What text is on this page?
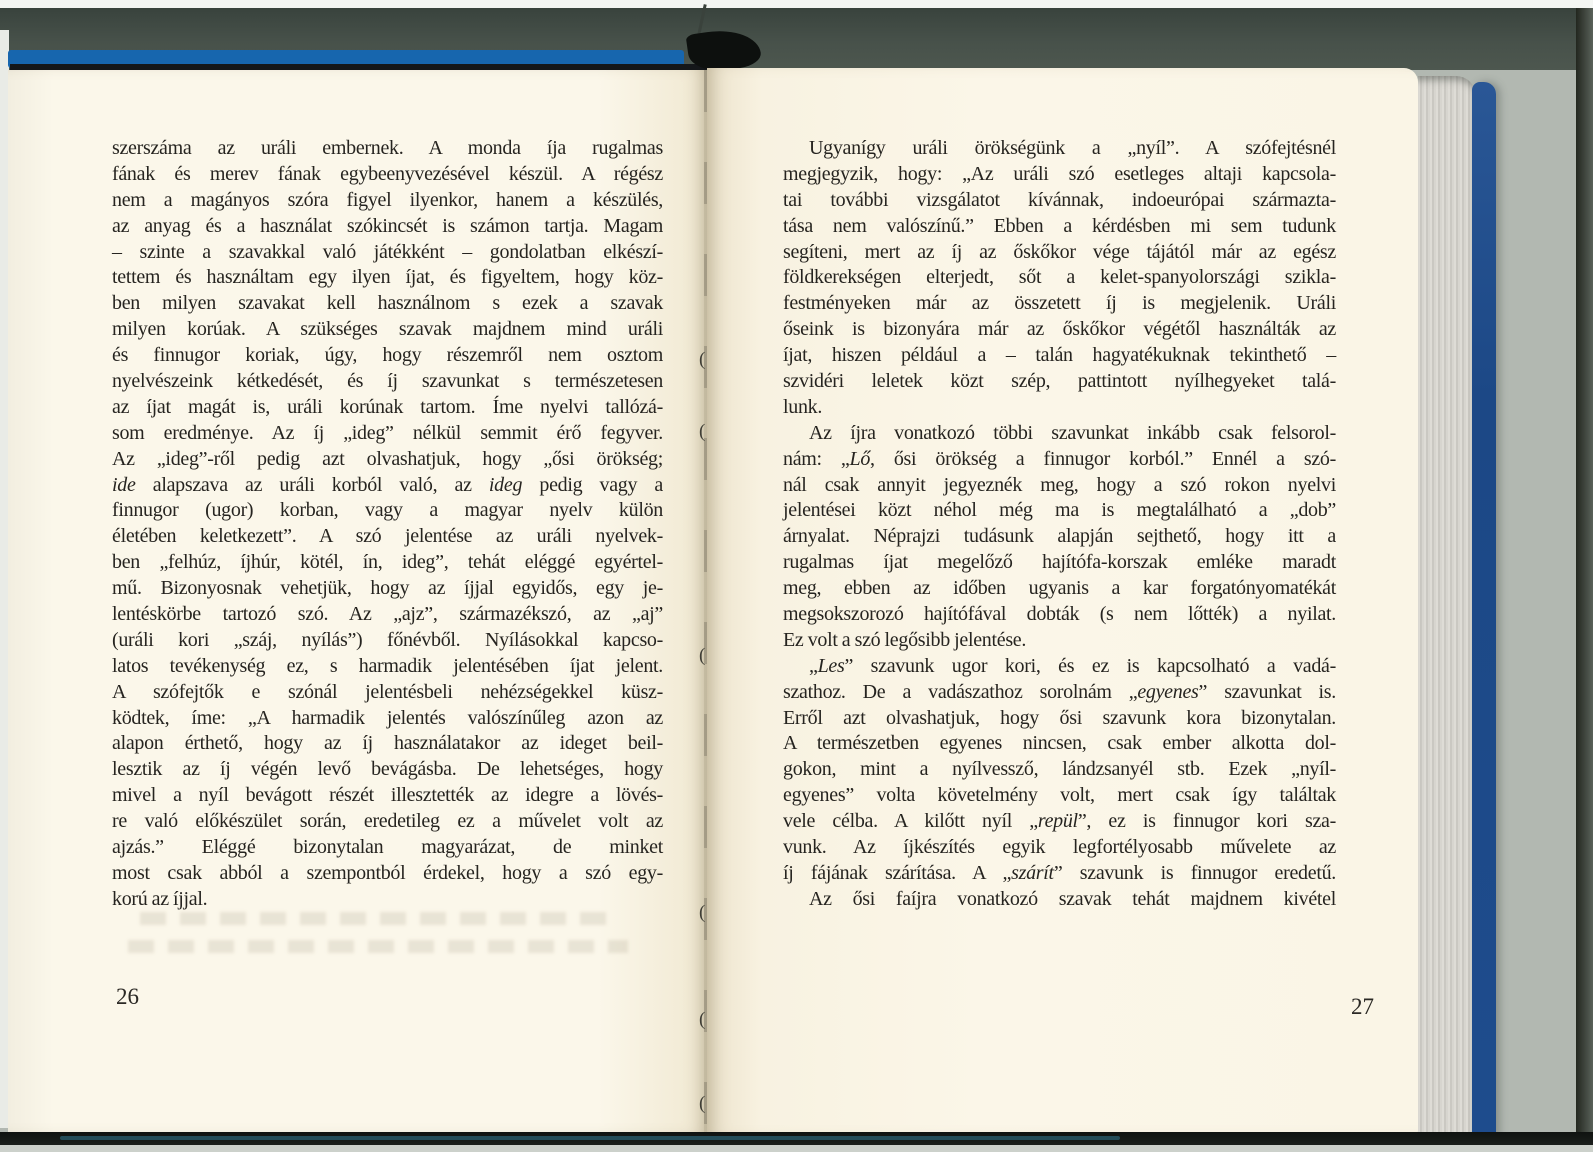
(
(
(
(
(
(
szerszáma az uráli embernek. A monda íja rugalmas
fának és merev fának egybeenyvezésével készül. A régész
nem a magányos szóra figyel ilyenkor, hanem a készülés,
az anyag és a használat szókincsét is számon tartja. Magam
– szinte a szavakkal való játékként – gondolatban elkészí-
tettem és használtam egy ilyen íjat, és figyeltem, hogy köz-
ben milyen szavakat kell használnom s ezek a szavak
milyen korúak. A szükséges szavak majdnem mind uráli
és finnugor koriak, úgy, hogy részemről nem osztom
nyelvészeink kétkedését, és íj szavunkat s természetesen
az íjat magát is, uráli korúnak tartom. Íme nyelvi tallózá-
som eredménye. Az íj „ideg” nélkül semmit érő fegyver.
Az „ideg”-ről pedig azt olvashatjuk, hogy „ősi örökség;
ide alapszava az uráli korból való, az ideg pedig vagy a
finnugor (ugor) korban, vagy a magyar nyelv külön
életében keletkezett”. A szó jelentése az uráli nyelvek-
ben „felhúz, íjhúr, kötél, ín, ideg”, tehát eléggé egyértel-
mű. Bizonyosnak vehetjük, hogy az íjjal egyidős, egy je-
lentéskörbe tartozó szó. Az „ajz”, származékszó, az „aj”
(uráli kori „száj, nyílás”) főnévből. Nyílásokkal kapcso-
latos tevékenység ez, s harmadik jelentésében íjat jelent.
A szófejtők e szónál jelentésbeli nehézségekkel küsz-
ködtek, íme: „A harmadik jelentés valószínűleg azon az
alapon érthető, hogy az íj használatakor az ideget beil-
lesztik az íj végén levő bevágásba. De lehetséges, hogy
mivel a nyíl bevágott részét illesztették az idegre a lövés-
re való előkészület során, eredetileg ez a művelet volt az
ajzás.” Eléggé bizonytalan magyarázat, de minket
most csak abból a szempontból érdekel, hogy a szó egy-
korú az íjjal.
Ugyanígy uráli örökségünk a „nyíl”. A szófejtésnél
megjegyzik, hogy: „Az uráli szó esetleges altaji kapcsola-
tai további vizsgálatot kívánnak, indoeurópai származta-
tása nem valószínű.” Ebben a kérdésben mi sem tudunk
segíteni, mert az íj az őskőkor vége tájától már az egész
földkerekségen elterjedt, sőt a kelet-spanyolországi szikla-
festményeken már az összetett íj is megjelenik. Uráli
őseink is bizonyára már az őskőkor végétől használták az
íjat, hiszen például a – talán hagyatékuknak tekinthető –
szvidéri leletek közt szép, pattintott nyílhegyeket talá-
lunk.
Az íjra vonatkozó többi szavunkat inkább csak felsorol-
nám: „Lő, ősi örökség a finnugor korból.” Ennél a szó-
nál csak annyit jegyeznék meg, hogy a szó rokon nyelvi
jelentései közt néhol még ma is megtalálható a „dob”
árnyalat. Néprajzi tudásunk alapján sejthető, hogy itt a
rugalmas íjat megelőző hajítófa-korszak emléke maradt
meg, ebben az időben ugyanis a kar forgatónyomatékát
megsokszorozó hajítófával dobták (s nem lőtték) a nyilat.
Ez volt a szó legősibb jelentése.
„Les” szavunk ugor kori, és ez is kapcsolható a vadá-
szathoz. De a vadászathoz sorolnám „egyenes” szavunkat is.
Erről azt olvashatjuk, hogy ősi szavunk kora bizonytalan.
A természetben egyenes nincsen, csak ember alkotta dol-
gokon, mint a nyílvessző, lándzsanyél stb. Ezek „nyíl-
egyenes” volta követelmény volt, mert csak így találtak
vele célba. A kilőtt nyíl „repül”, ez is finnugor kori sza-
vunk. Az íjkészítés egyik legfortélyosabb művelete az
íj fájának szárítása. A „szárít” szavunk is finnugor eredetű.
Az ősi faíjra vonatkozó szavak tehát majdnem kivétel
26	27
